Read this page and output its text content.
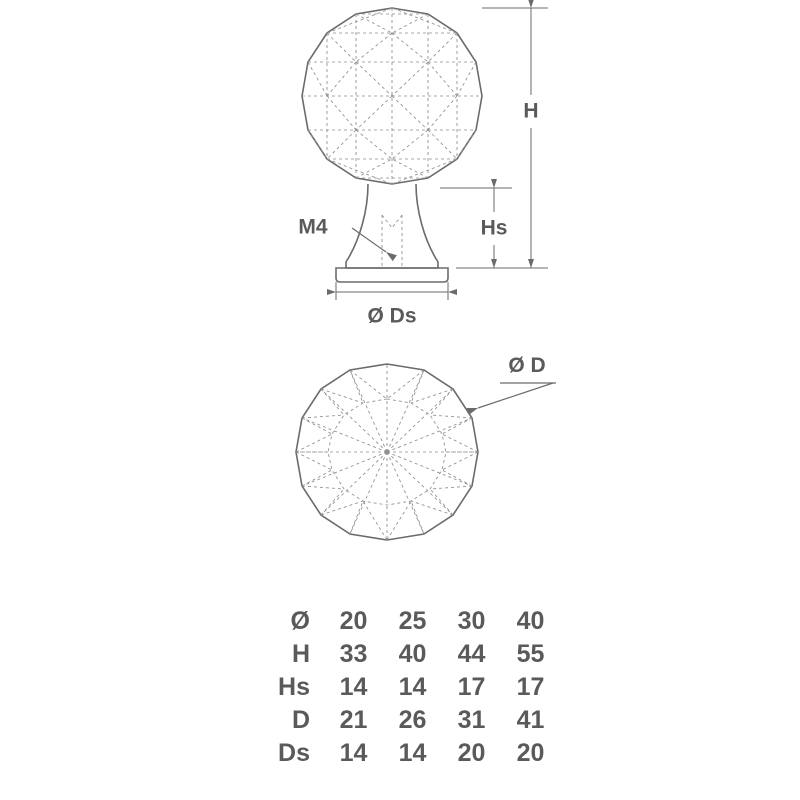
M4
H
Hs
Ø Ds
Ø D
Ø	20	25	30	40
H	33	40	44	55
Hs	14	14	17	17
D	21	26	31	41
Ds	14	14	20	20
